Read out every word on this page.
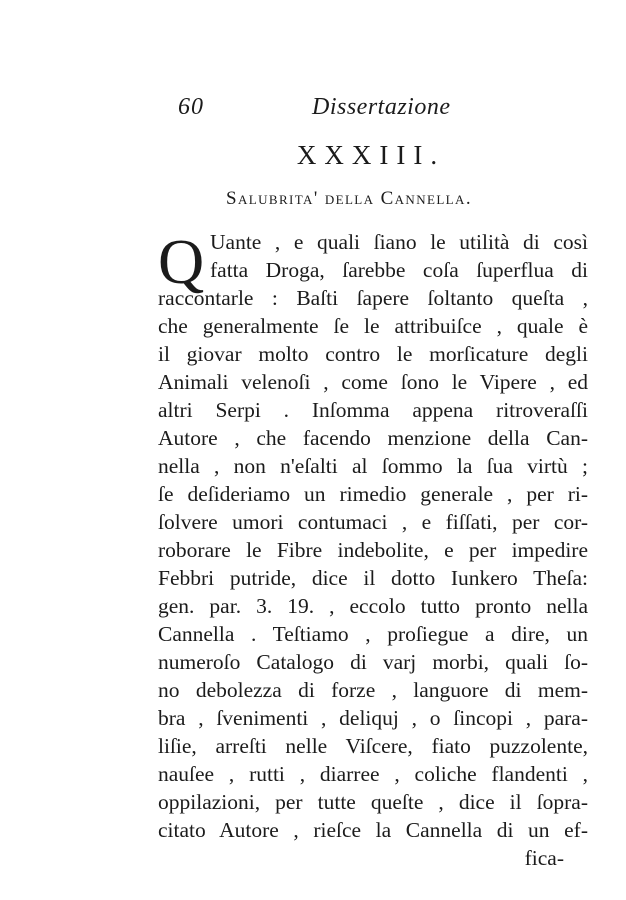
60	Dissertazione
XXXIII.
Salubrita' della Cannella.
Q Uante , e quali ſiano le utilità di così
fatta Droga, ſarebbe coſa ſuperflua di
raccontarle : Baſti ſapere ſoltanto queſta ,
che generalmente ſe le attribuiſce , quale è
il giovar molto contro le morſicature degli
Animali velenoſi , come ſono le Vipere , ed
altri Serpi . Inſomma appena ritroveraſſi
Autore , che facendo menzione della Can-
nella , non n'eſalti al ſommo la ſua virtù ;
ſe deſideriamo un rimedio generale , per ri-
ſolvere umori contumaci , e fiſſati, per cor-
roborare le Fibre indebolite, e per impedire
Febbri putride, dice il dotto Iunkero Theſa:
gen. par. 3. 19. , eccolo tutto pronto nella
Cannella . Teſtiamo , proſiegue a dire, un
numeroſo Catalogo di varj morbi, quali ſo-
no debolezza di forze , languore di mem-
bra , ſvenimenti , deliquj , o ſincopi , para-
liſie, arreſti nelle Viſcere, fiato puzzolente,
nauſee , rutti , diarree , coliche flandenti ,
oppilazioni, per tutte queſte , dice il ſopra-
citato Autore , rieſce la Cannella di un ef-
fica-
